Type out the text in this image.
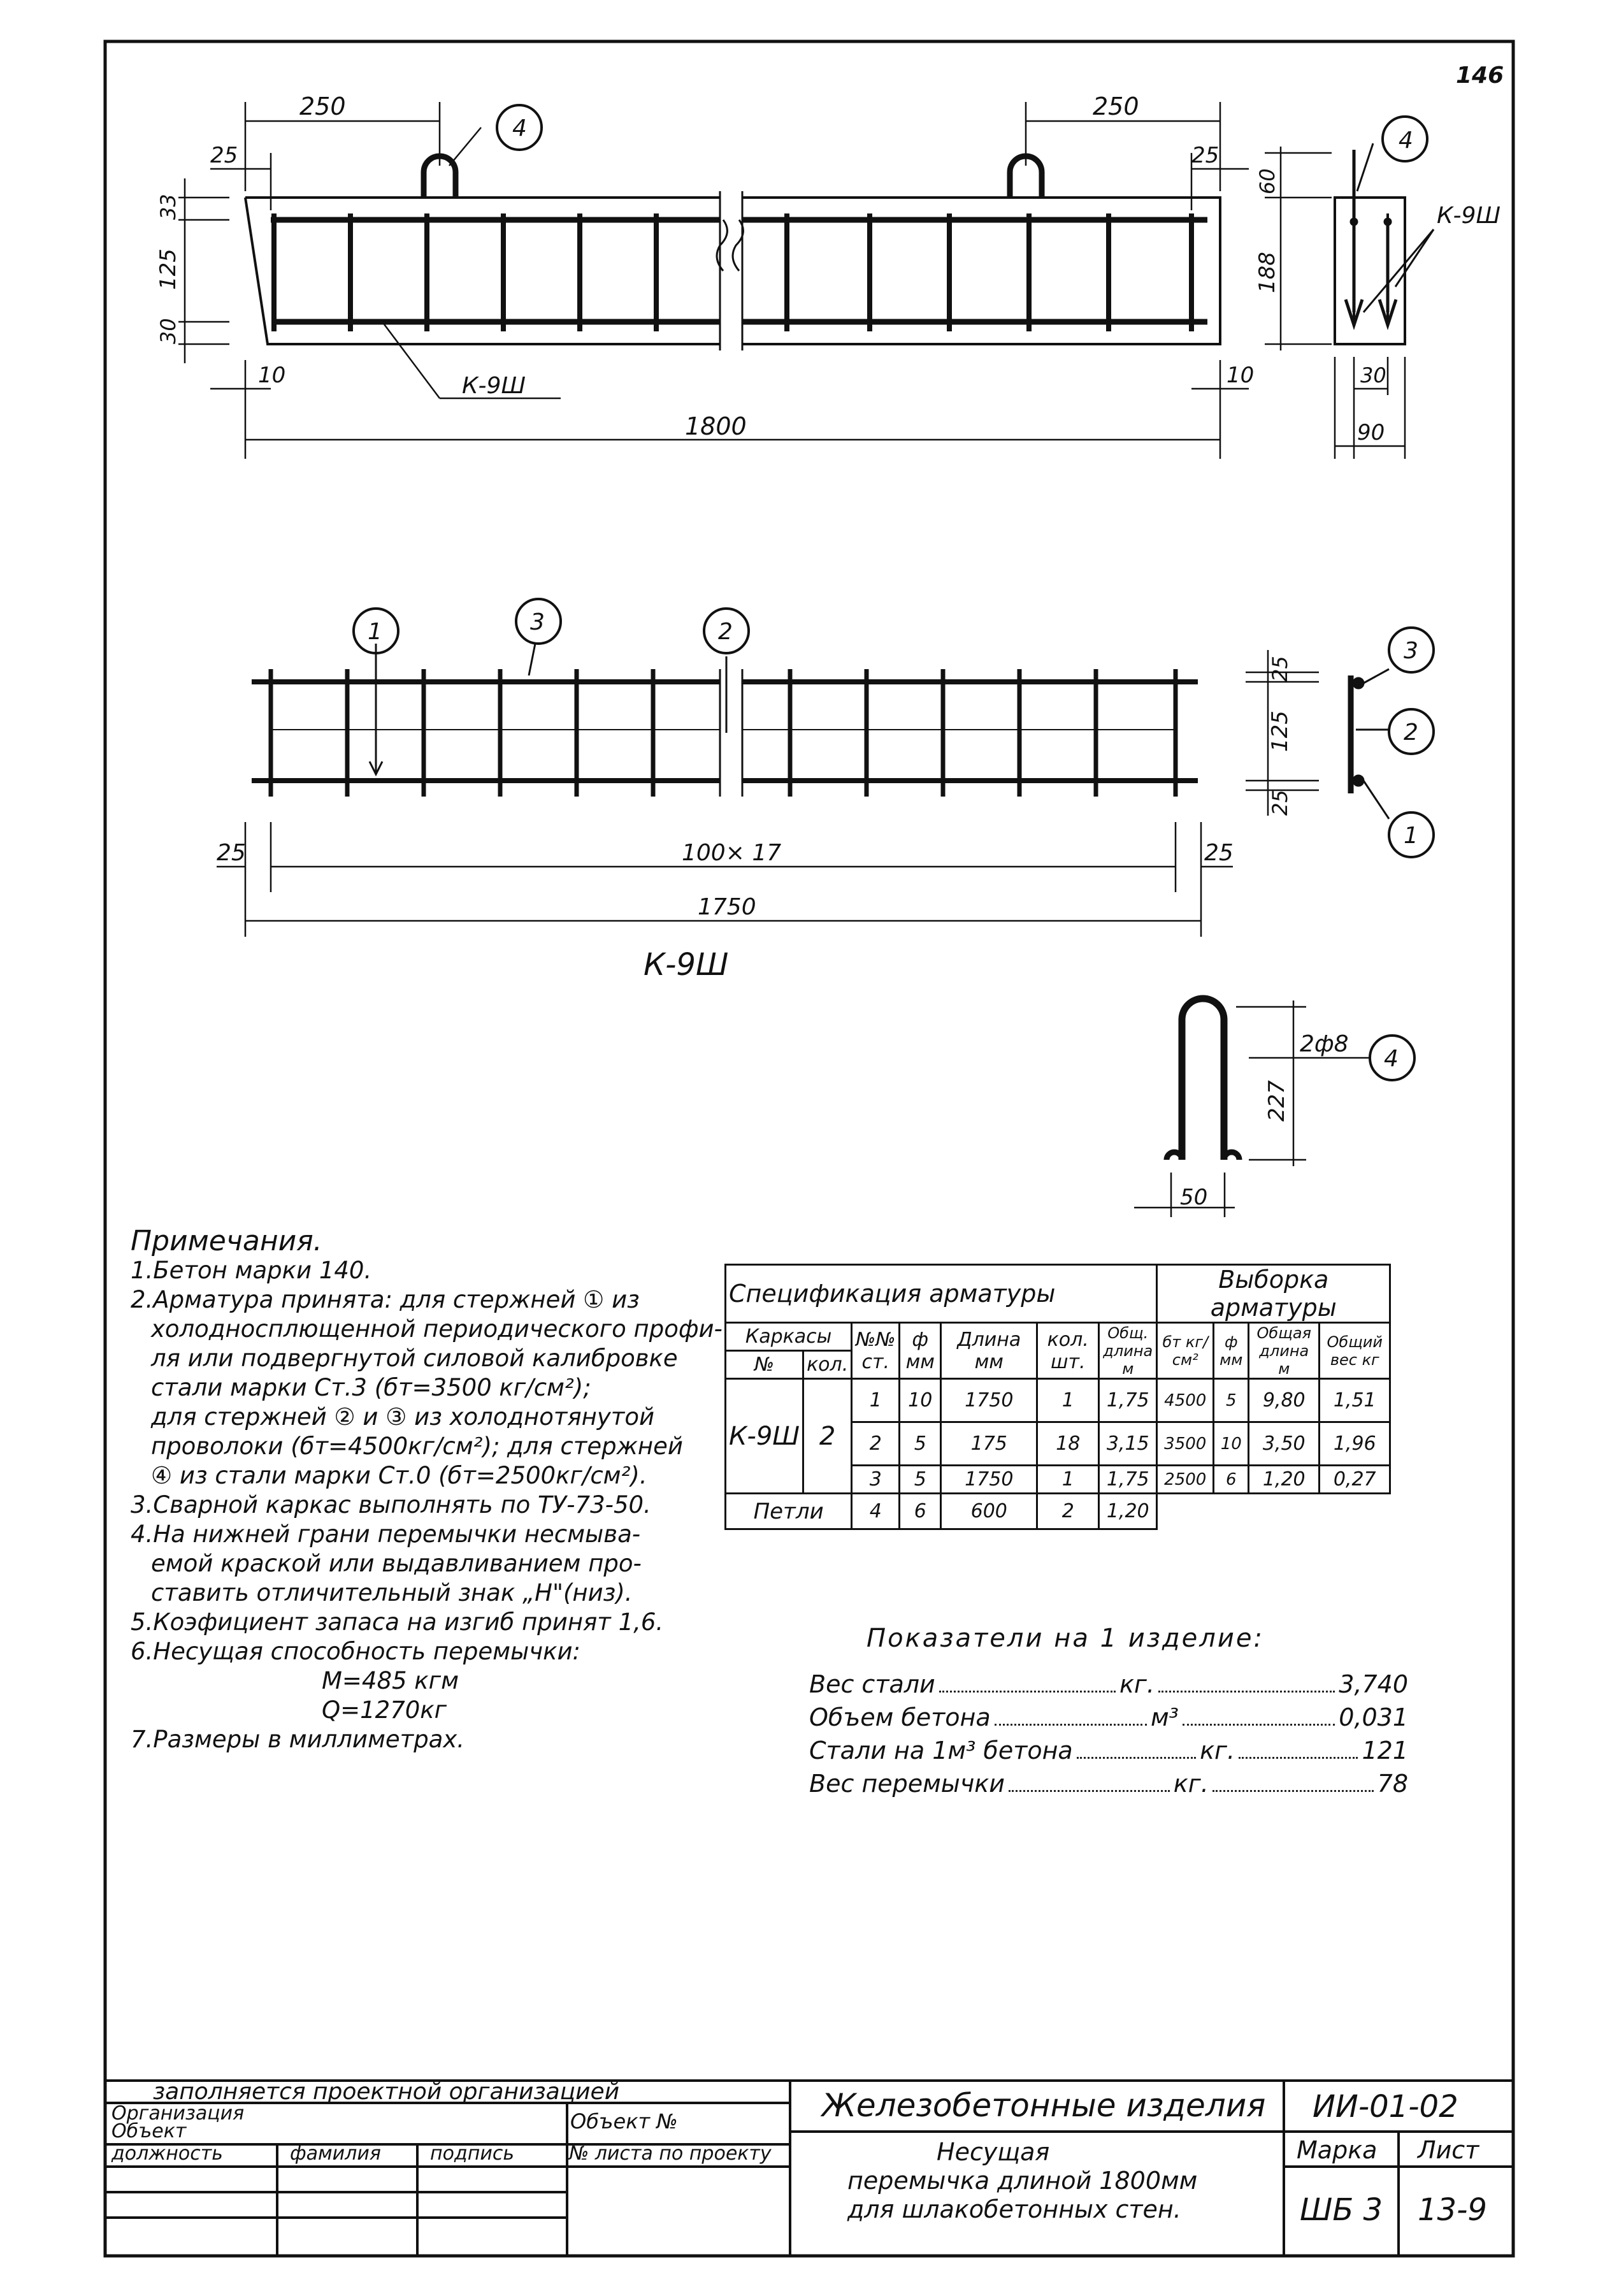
146
250	250
25	25
33
125
30
10	10
К-9Ш
1800
4
60
188
30
90
К-9Ш
4
1	3	2
25	25
100× 17
1750
К-9Ш
25
125
25
3
2
1
2ф8
4
227
50
Примечания.
1.Бетон марки 140.
2.Арматура принята: для стержней ① из
холодносплющенной периодического профи-
ля или подвергнутой силовой калибровке
стали марки Ст.3 (бт=3500 кг/см²);
для стержней ② и ③ из холоднотянутой
проволоки (бт=4500кг/см²); для стержней
④ из стали марки Ст.0 (бт=2500кг/см²).
3.Сварной каркас выполнять по ТУ-73-50.
4.На нижней грани перемычки несмыва-
емой краской или выдавливанием про-
ставить отличительный знак „Н"(низ).
5.Коэфициент запаса на изгиб принят 1,6.
6.Несущая способность перемычки:
М=485 кгм
Q=1270кг
7.Размеры в миллиметрах.
Спецификация арматуры							Выборка арматуры			
Каркасы		№№ ст.	ф мм	Длина мм	кол. шт.	Общ. длина м	бт кг/см²	ф мм	Общая длина м	Общий вес кг
№	кол.									
К-9Ш	2	1	10	1750	1	1,75	4500	5	9,80	1,51
		2	5	175	18	3,15	3500	10	3,50	1,96
		3	5	1750	1	1,75	2500	6	1,20	0,27
Петли		4	6	600	2	1,20				
Показатели на 1 изделие:
Вес стали	кг.	3,740
Объем бетона	м³	0,031
Стали на 1м³ бетона	кг.	121
Вес перемычки	кг.	78
заполняется проектной организацией
Организация
Объект	Объект №
должность	фамилия	подпись	№ листа по проекту
Железобетонные изделия ИИ-01-02
Несущая
перемычка длиной 1800мм
для шлакобетонных стен.
Марка Лист
ШБ 3 13-9
